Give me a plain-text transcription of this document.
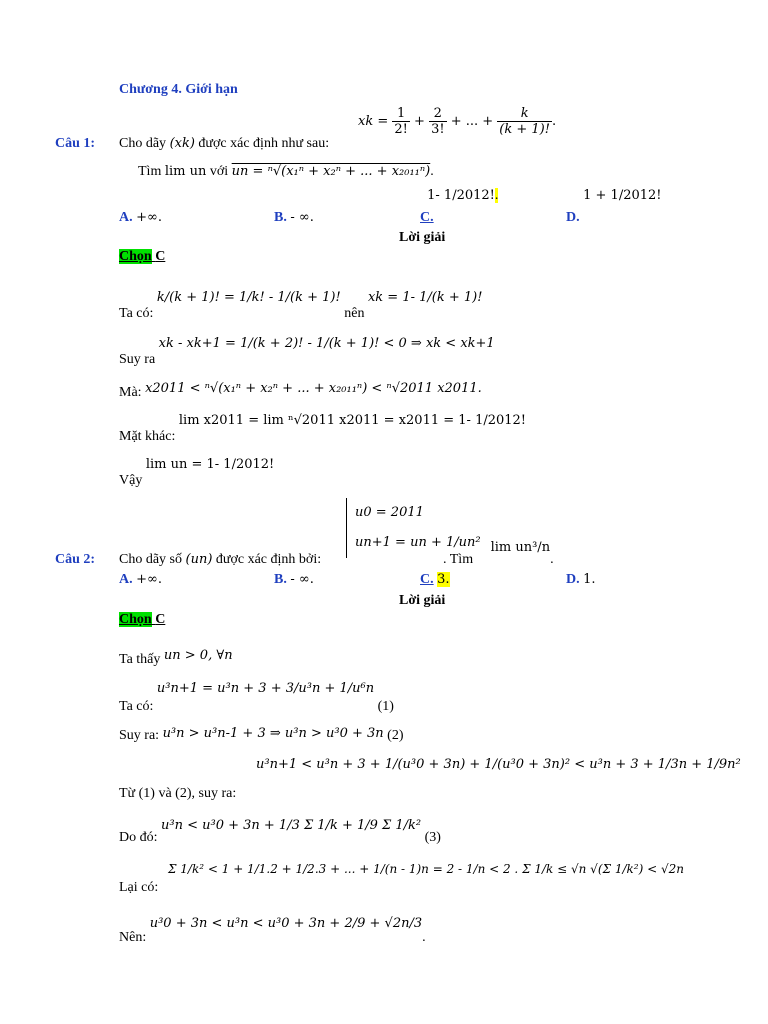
Chương 4. Giới hạn
Câu 1: Cho dãy (xk) được xác định như sau:
xk = $\frac{1}{2!} + \frac{2}{3!}$ + ... + $\frac{k}{(k + 1)!}$ .
Tìm lim un với un = ⁿ√(x₁ⁿ + x₂ⁿ + ... + x₂₀₁₁ⁿ).
A. +∞.	B. - ∞.	C. 1- 1/2012!.
D. 1 + 1/2012!
Lời giải
Chọn C
Ta có: k/(k + 1)! = 1/k! - 1/(k + 1)! nên xk = 1- 1/(k + 1)!
Suy ra xk - xk+1 = 1/(k + 2)! - 1/(k + 1)! < 0 ⇒ xk < xk+1
Mà: x2011 < ⁿ√(x₁ⁿ + x₂ⁿ + ... + x₂₀₁₁ⁿ) < ⁿ√2011 x2011.
Mặt khác: lim x2011 = lim ⁿ√2011 x2011 = x2011 = 1- 1/2012!
Vậy lim un = 1- 1/2012!
Câu 2: Cho dãy số (un) được xác định bởi:
u0 = 2011
un+1 = un + 1/un²
. Tìm lim un³/n.
A. +∞.	B. - ∞.	C. 3.	D. 1.
Lời giải
Chọn C
Ta thấy un > 0, ∀n
Ta có: u³n+1 = u³n + 3 + 3/u³n + 1/u⁶n (1)
Suy ra: u³n > u³n-1 + 3 ⇒ u³n > u³0 + 3n (2)
Từ (1) và (2), suy ra:
u³n+1 < u³n + 3 + 1/(u³0 + 3n) + 1/(u³0 + 3n)² < u³n + 3 + 1/3n + 1/9n²
Do đó: u³n < u³0 + 3n + 1/3 Σ 1/k + 1/9 Σ 1/k² (3)
Lại có:
Σ 1/k² < 1 + 1/1.2 + 1/2.3 + ... + 1/(n - 1)n = 2 - 1/n < 2 . Σ 1/k ≤ √n √(Σ 1/k²) < √2n
Nên: u³0 + 3n < u³n < u³0 + 3n + 2/9 + √2n/3.
